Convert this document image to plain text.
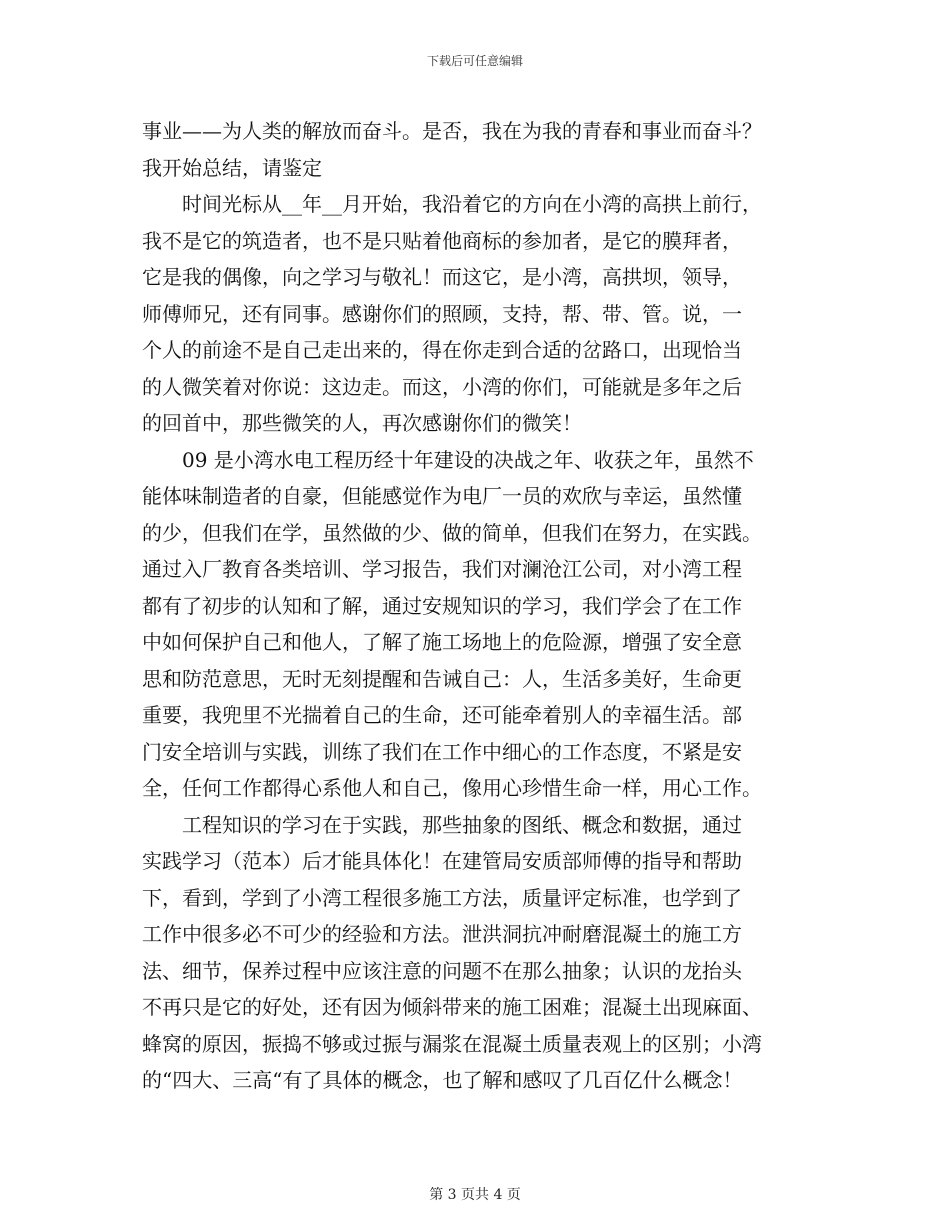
下载后可任意编辑
事业——为人类的解放而奋斗。是否，我在为我的青春和事业而奋斗？
我开始总结，请鉴定
时间光标从__年__月开始，我沿着它的方向在小湾的高拱上前行，
我不是它的筑造者，也不是只贴着他商标的参加者，是它的膜拜者，
它是我的偶像，向之学习与敬礼！而这它，是小湾，高拱坝，领导，
师傅师兄，还有同事。感谢你们的照顾，支持，帮、带、管。说，一
个人的前途不是自己走出来的，得在你走到合适的岔路口，出现恰当
的人微笑着对你说：这边走。而这，小湾的你们，可能就是多年之后
的回首中，那些微笑的人，再次感谢你们的微笑！
09 是小湾水电工程历经十年建设的决战之年、收获之年，虽然不
能体味制造者的自豪，但能感觉作为电厂一员的欢欣与幸运，虽然懂
的少，但我们在学，虽然做的少、做的简单，但我们在努力，在实践。
通过入厂教育各类培训、学习报告，我们对澜沧江公司，对小湾工程
都有了初步的认知和了解，通过安规知识的学习，我们学会了在工作
中如何保护自己和他人，了解了施工场地上的危险源，增强了安全意
思和防范意思，无时无刻提醒和告诫自己：人，生活多美好，生命更
重要，我兜里不光揣着自己的生命，还可能牵着别人的幸福生活。部
门安全培训与实践，训练了我们在工作中细心的工作态度，不紧是安
全，任何工作都得心系他人和自己，像用心珍惜生命一样，用心工作。
工程知识的学习在于实践，那些抽象的图纸、概念和数据，通过
实践学习（范本）后才能具体化！在建管局安质部师傅的指导和帮助
下，看到，学到了小湾工程很多施工方法，质量评定标准，也学到了
工作中很多必不可少的经验和方法。泄洪洞抗冲耐磨混凝土的施工方
法、细节，保养过程中应该注意的问题不在那么抽象；认识的龙抬头
不再只是它的好处，还有因为倾斜带来的施工困难；混凝土出现麻面、
蜂窝的原因，振捣不够或过振与漏浆在混凝土质量表观上的区别；小湾
的“四大、三高“有了具体的概念，也了解和感叹了几百亿什么概念！
第 3 页共 4 页
